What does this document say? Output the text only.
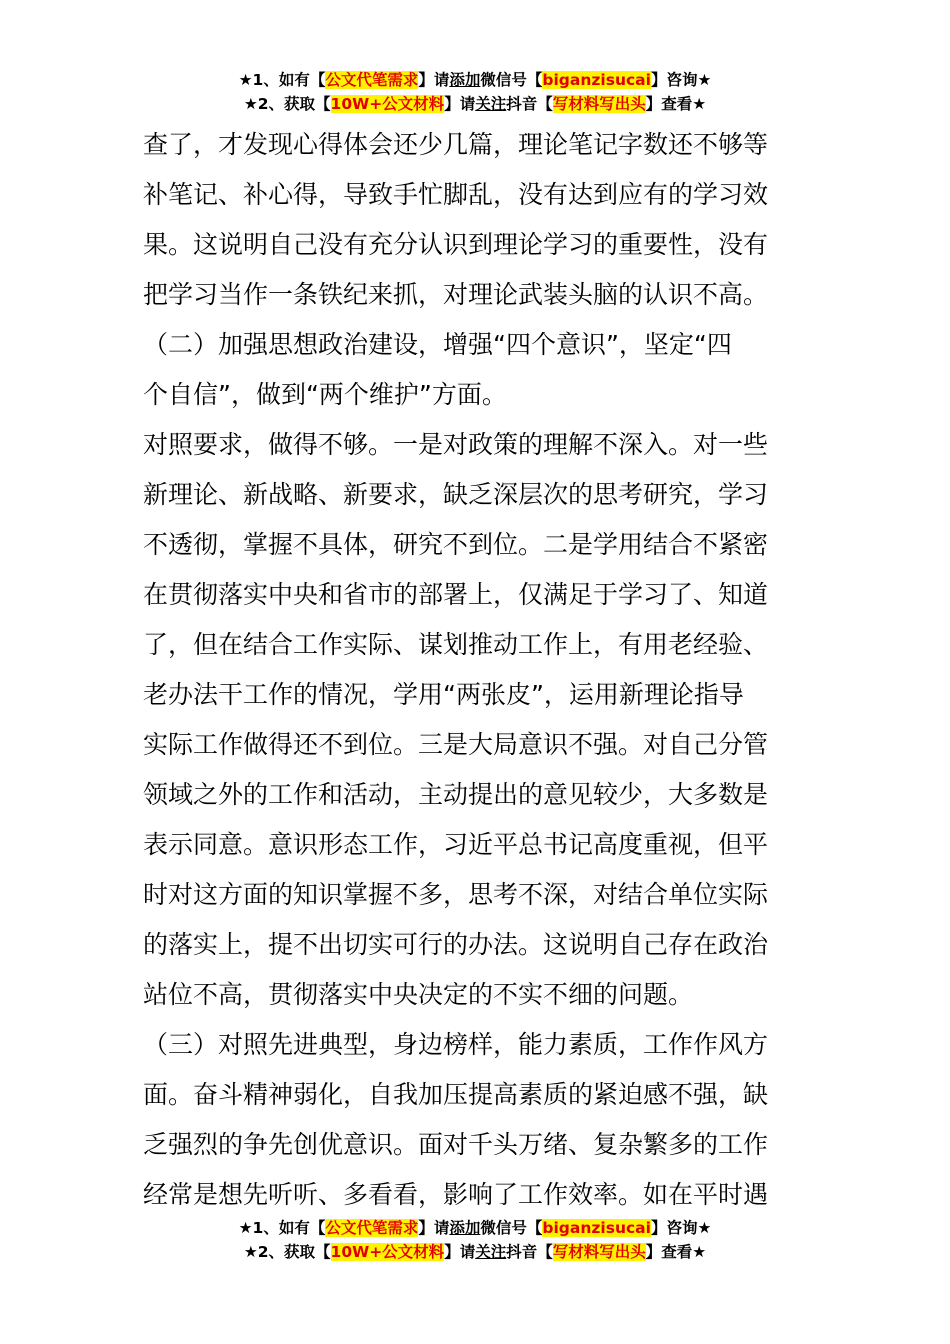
★1、如有【公文代笔需求】请添加微信号【biganzisucai】咨询★
★2、获取【10W+公文材料】请关注抖音【写材料写出头】查看★

查了，才发现心得体会还少几篇，理论笔记字数还不够等

补笔记、补心得，导致手忙脚乱，没有达到应有的学习效

果。这说明自己没有充分认识到理论学习的重要性，没有

把学习当作一条铁纪来抓，对理论武装头脑的认识不高。

（二）加强思想政治建设，增强“四个意识”，坚定“四

个自信”，做到“两个维护”方面。

对照要求，做得不够。一是对政策的理解不深入。对一些

新理论、新战略、新要求，缺乏深层次的思考研究，学习

不透彻，掌握不具体，研究不到位。二是学用结合不紧密

在贯彻落实中央和省市的部署上，仅满足于学习了、知道

了，但在结合工作实际、谋划推动工作上，有用老经验、

老办法干工作的情况，学用“两张皮”，运用新理论指导

实际工作做得还不到位。三是大局意识不强。对自己分管

领域之外的工作和活动，主动提出的意见较少，大多数是

表示同意。意识形态工作，习近平总书记高度重视，但平

时对这方面的知识掌握不多，思考不深，对结合单位实际

的落实上，提不出切实可行的办法。这说明自己存在政治

站位不高，贯彻落实中央决定的不实不细的问题。

（三）对照先进典型，身边榜样，能力素质，工作作风方

面。奋斗精神弱化，自我加压提高素质的紧迫感不强，缺

乏强烈的争先创优意识。面对千头万绪、复杂繁多的工作

经常是想先听听、多看看，影响了工作效率。如在平时遇

★1、如有【公文代笔需求】请添加微信号【biganzisucai】咨询★
★2、获取【10W+公文材料】请关注抖音【写材料写出头】查看★
